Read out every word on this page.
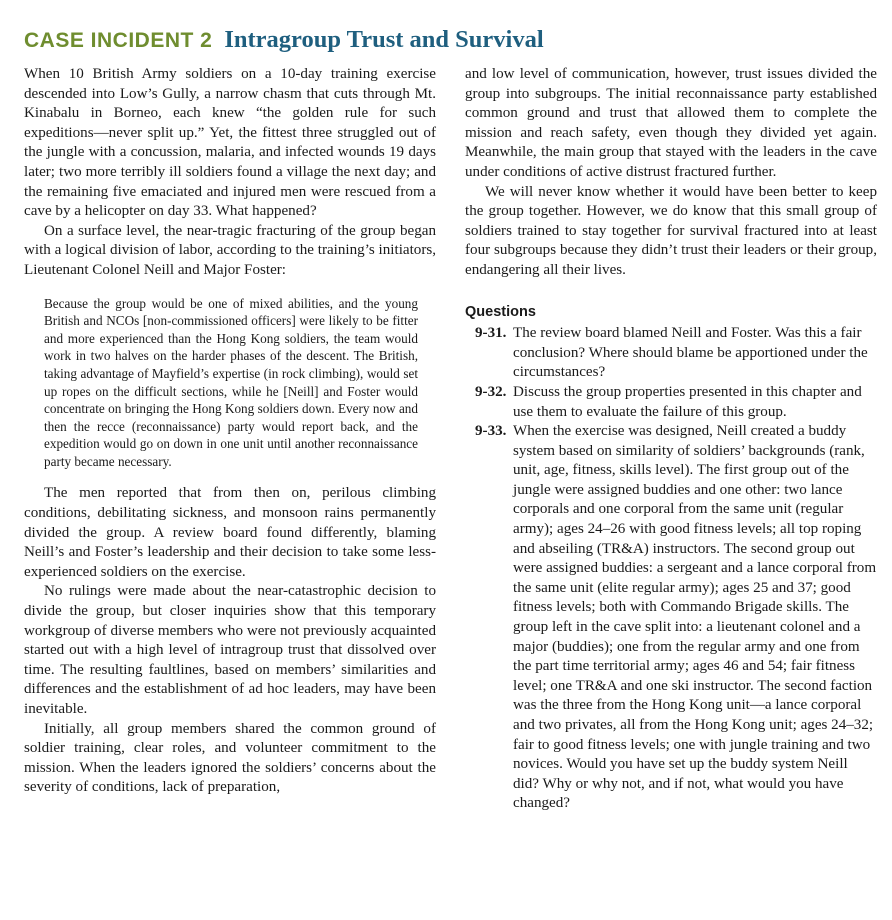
CASE INCIDENT 2 Intragroup Trust and Survival

When 10 British Army soldiers on a 10-day training exercise descended into Low’s Gully, a narrow chasm that cuts through Mt. Kinabalu in Borneo, each knew “the golden rule for such expeditions—never split up.” Yet, the fittest three struggled out of the jungle with a concussion, malaria, and infected wounds 19 days later; two more terribly ill soldiers found a village the next day; and the remaining five emaciated and injured men were rescued from a cave by a helicopter on day 33. What happened?

On a surface level, the near-tragic fracturing of the group began with a logical division of labor, according to the training’s initiators, Lieutenant Colonel Neill and Major Foster:

Because the group would be one of mixed abilities, and the young British and NCOs [non-commissioned officers] were likely to be fitter and more experienced than the Hong Kong soldiers, the team would work in two halves on the harder phases of the descent. The British, taking advantage of Mayfield’s expertise (in rock climbing), would set up ropes on the difficult sections, while he [Neill] and Foster would concentrate on bringing the Hong Kong soldiers down. Every now and then the recce (reconnaissance) party would report back, and the expedition would go on down in one unit until another reconnaissance party became necessary.

The men reported that from then on, perilous climbing conditions, debilitating sickness, and monsoon rains permanently divided the group. A review board found differently, blaming Neill’s and Foster’s leadership and their decision to take some less-experienced soldiers on the exercise.

No rulings were made about the near-catastrophic decision to divide the group, but closer inquiries show that this temporary workgroup of diverse members who were not previously acquainted started out with a high level of intragroup trust that dissolved over time. The resulting faultlines, based on members’ similarities and differences and the establishment of ad hoc leaders, may have been inevitable.

Initially, all group members shared the common ground of soldier training, clear roles, and volunteer commitment to the mission. When the leaders ignored the soldiers’ concerns about the severity of conditions, lack of preparation,

and low level of communication, however, trust issues divided the group into subgroups. The initial reconnaissance party established common ground and trust that allowed them to complete the mission and reach safety, even though they divided yet again. Meanwhile, the main group that stayed with the leaders in the cave under conditions of active distrust fractured further.

We will never know whether it would have been better to keep the group together. However, we do know that this small group of soldiers trained to stay together for survival fractured into at least four subgroups because they didn’t trust their leaders or their group, endangering all their lives.

Questions
9-31. The review board blamed Neill and Foster. Was this a fair conclusion? Where should blame be apportioned under the circumstances?
9-32. Discuss the group properties presented in this chapter and use them to evaluate the failure of this group.
9-33. When the exercise was designed, Neill created a buddy system based on similarity of soldiers’ backgrounds (rank, unit, age, fitness, skills level). The first group out of the jungle were assigned buddies and one other: two lance corporals and one corporal from the same unit (regular army); ages 24–26 with good fitness levels; all top roping and abseiling (TR&A) instructors. The second group out were assigned buddies: a sergeant and a lance corporal from the same unit (elite regular army); ages 25 and 37; good fitness levels; both with Commando Brigade skills. The group left in the cave split into: a lieutenant colonel and a major (buddies); one from the regular army and one from the part time territorial army; ages 46 and 54; fair fitness level; one TR&A and one ski instructor. The second faction was the three from the Hong Kong unit—a lance corporal and two privates, all from the Hong Kong unit; ages 24–32; fair to good fitness levels; one with jungle training and two novices. Would you have set up the buddy system Neill did? Why or why not, and if not, what would you have changed?
